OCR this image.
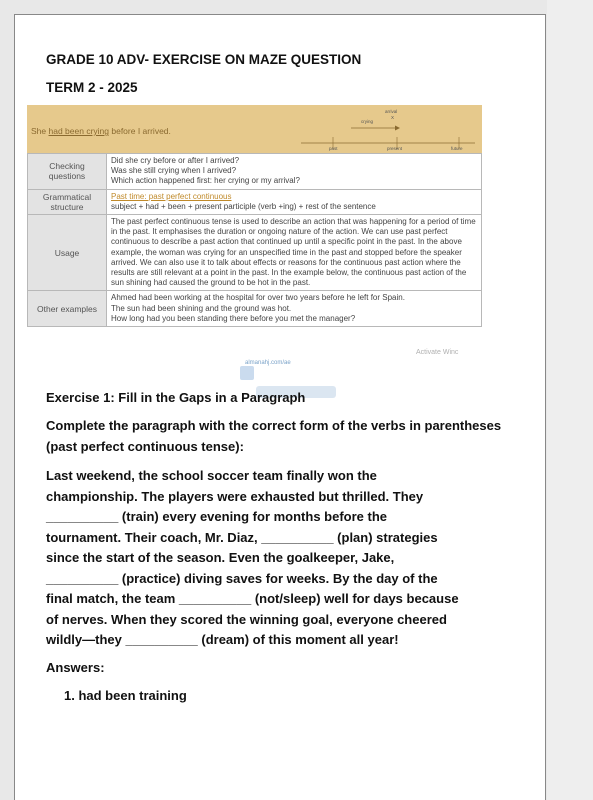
GRADE 10 ADV- EXERCISE ON MAZE QUESTION
TERM 2 - 2025
She had been crying before I arrived.
arrival
X
crying
past	present	future
Checking questions	Did she cry before or after I arrived?
Was she still crying when I arrived?
Which action happened first: her crying or my arrival?

Grammatical structure	Past time: past perfect continuous
subject + had + been + present participle (verb +ing) + rest of the sentence

Usage	The past perfect continuous tense is used to describe an action that was happening for a period of time in the past. It emphasises the duration or ongoing nature of the action. We can use past perfect continuous to describe a past action that continued up until a specific point in the past. In the above example, the woman was crying for an unspecified time in the past and stopped before the speaker arrived. We can also use it to talk about effects or reasons for the continuous past action where the results are still relevant at a point in the past. In the example below, the continuous past action of the sun shining had caused the ground to be hot in the past.
Other examples	Ahmed had been working at the hospital for over two years before he left for Spain.
The sun had been shining and the ground was hot.
How long had you been standing there before you met the manager?
Activate Winc
almanahj.com/ae
Exercise 1: Fill in the Gaps in a Paragraph
Complete the paragraph with the correct form of the verbs in parentheses (past perfect continuous tense):
Last weekend, the school soccer team finally won the
championship. The players were exhausted but thrilled. They
__________ (train) every evening for months before the
tournament. Their coach, Mr. Diaz, __________ (plan) strategies
since the start of the season. Even the goalkeeper, Jake,
__________ (practice) diving saves for weeks. By the day of the
final match, the team __________ (not/sleep) well for days because
of nerves. When they scored the winning goal, everyone cheered
wildly—they __________ (dream) of this moment all year!
Answers:
1. had been training
